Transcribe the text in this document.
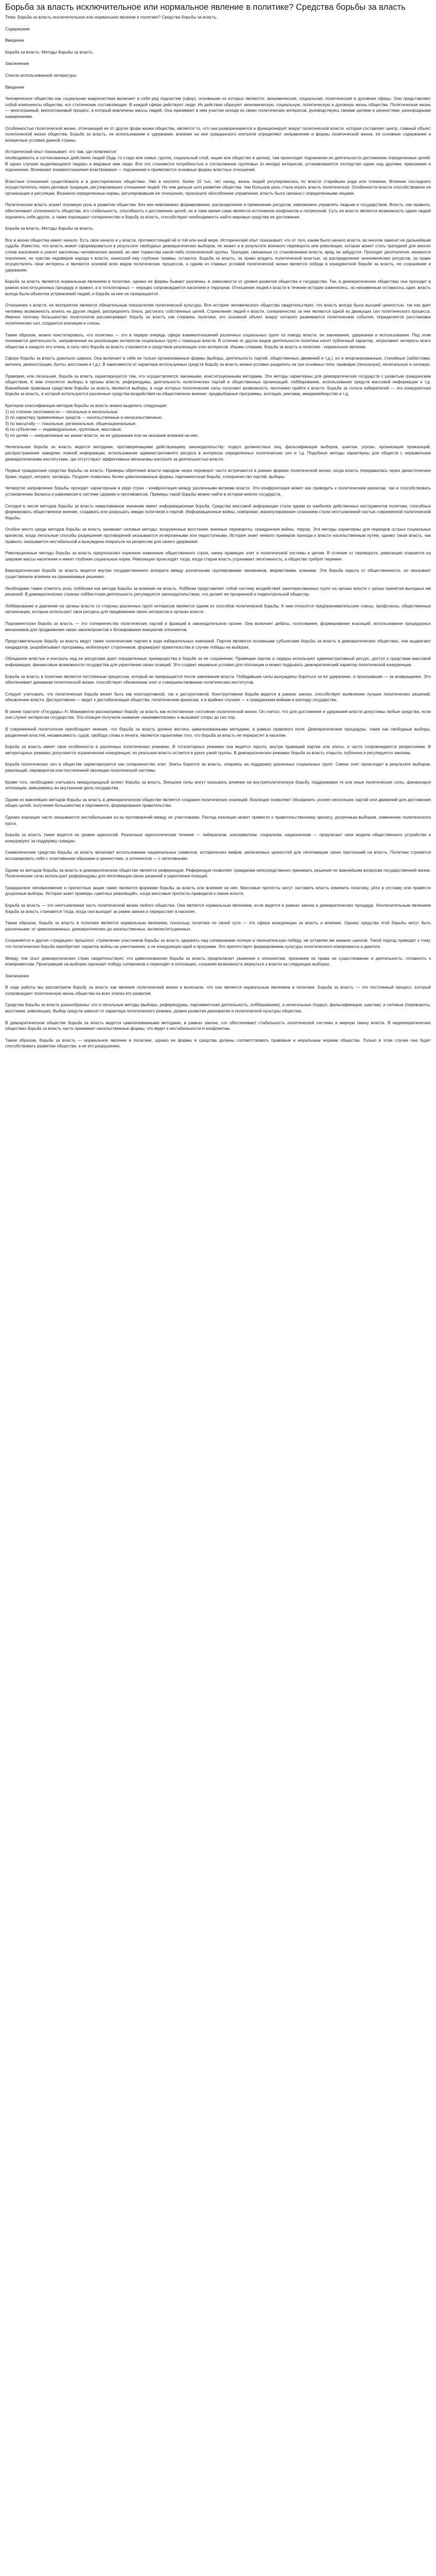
Борьба за власть исключительное или нормальное явление в политике? Средства борьбы за власть

Тема: Борьба за власть исключительное или нормальное явление в политике? Средства борьбы за власть.

Содержание

Введение

Борьба за власть. Методы борьбы за власть.

Заключение

Список использованной литературы

Введение

Человеческое общество как социальная макросистема включает в себя ряд подсистем (сфер), основными из которых являются: экономическая, социальная, политическая и духовная сферы. Они представляют собой компоненты общества, его статические составляющие. В каждой сфере действуют люди. Их действия образуют экономическую, социальную, политическую и духовную жизнь общества. Политическая жизнь — многогранный, многоплановый процесс, в который вовлечены массы людей. Она принимает в нем участие исходя из своих политических интересов, руководствуясь своими целями и ценностями, разнородными намерениями.

Особенностью политической жизни, отличающей ее от других форм жизни общества, является то, что она разворачивается и функционирует вокруг политической власти, которая составляет центр, главный объект политической жизни общества. Борьба за власть, ее использование и удержание, влияние на нее гражданского контроля определяют направление и формы политической жизни, ее основное содержание и конкретные условия данной страны.

Исторический опыт показывает, что там, где появляются

необходимость в согласованных действиях людей (будь то стадо или семья, группа, социальный слой, нация или общество в целом), там происходит подчинение их деятельности достижению определенных целей. В одних случаях выделяющиеся лидеры и ведомые ими люди. Все это становится потребностью в согласовании групповых (и иногда) интересов, устанавливается господство одних над другими, приказание и подчинение. Возникают взаимоотношения властвования — подчинения и проявляются основные формы властных отношений.

Властные отношения существовали и в доисторических обществах. Уже в неолите, более 10 тыс. лет назад, жизнь людей регулировалась по власти старейшин рода или племени. Влияние последнего осуществлялось через деловые традиции, регулировавших отношения людей. Но чем дальше шло развитие общества, тем большую роль стала играть власть политическая. Особенности власти способствовали ее организации и регуляции. Возникли определенные нормы, регулировавшие ее отношения, произошло обособление управления, власть была связана с определенными лицами.

Политическая власть играет огромную роль в развитии общества. Без нее невозможно формирование, распределение и применение ресурсов, невозможно управлять людьми и государством. Власть, как правило, обеспечивает сплоченность общества, его стабильность, способность к достижению целей, но в тоже время сама является источником конфликтов и потрясений. Суть ее власти является возможность одних людей подчинять себе других, а также порождают соперничество и борьбу за власть, способствуют необходимость найти мировые средства ее достижения.

Борьба за власть. Методы борьбы за власть.

Все в жизни общества имеет начало. Есть свое начало и у власти, противостоящей ей в той или иной мере. Исторический опыт показывает, что от того, каким было начало власти, во многом зависит ее дальнейшая судьба. Известно, что власть может сформироваться в результате свободных демократических выборов, но может и в результате военного переворота или революции, которая может стать трагедией для многих слоев населения и унесет миллионы человеческих жизней, во имя торжества какой-либо политической группы. Трагедии, связанные со становлением власти, вряд ли забудутся. Проходят десятилетия, меняются поколения, но чувства недоверия народа к власти, нанесшей ему глубокие травмы, остаются. Борьба за власть, за право владеть политической властью, за распределение экономических ресурсов, за право осуществлять свои интересы и являются основой всех видов политических процессов, а одним из главных условий политической жизни является победа в конкурентной борьбе за власть, ее сохранение и удержание.

Борьба за власть является нормальным явлением в политике, однако ее формы бывают различны, в зависимости от уровня развития общества и государства. Так, в демократических обществах она проходит в рамках конституционных процедур и правил, а в тоталитарных — нередко сопровождается насилием и террором. Отношения людей к власти в течение истории изменялись, но неизменным оставалось одно: власть всегда была объектом устремлений людей, и борьба за нее не прекращается.

Отношение к власти, ее восприятие является обязательным показателем политической культуры. Вся история человеческого общества свидетельствует, что власть всегда была высшей ценностью, так как дает человеку возможность влиять на других людей, распределять блага, достигать собственных целей. Стремление людей к власти, соперничество за нее являются одной из движущих сил политического процесса. Именно поэтому большинство политологов рассматривают борьбу за власть как стержень политики, его основной объект, вокруг которого развиваются политические события, определяется расстановка политических сил, создаются коалиции и союзы.

Таким образом, можно констатировать, что политика — это в первую очередь сфера взаимоотношений различных социальных групп по поводу власти, ее завоевания, удержания и использования. Под этим понимается деятельность, направленная на реализацию интересов социальных групп с помощью власти. В отличие от других видов деятельности политика носит публичный характер, затрагивает интересы всего общества и каждого его члена, в силу чего борьба за власть становится и средством реализации этих интересов. Иными словами, борьба за власть в политике - нормальное явление.

Сфера борьбы за власть довольно широка. Она включает в себя не только организованные формы (выборы, деятельность партий, общественных движений и т.д.), но и неорганизованные, стихийные (забастовки, митинги, демонстрации, бунты, восстания и т.д.). В зависимости от характера используемых средств борьбу за власть можно условно разделить на три основных типа: правовую (легальную), нелегальную и силовую.

Правовая, или легальная, борьба за власть характеризуется тем, что осуществляется законными, конституционными методами. Эти методы характерны для демократических государств с развитым гражданским обществом. К ним относятся: выборы в органы власти, референдумы, деятельность политических партий и общественных организаций, лоббирование, использование средств массовой информации и т.д. Важнейшим правовым средством борьбы за власть являются выборы, в ходе которых политические силы получают возможность легитимно прийти к власти. Борьба за голоса избирателей — это конкурентная борьба за власть, в которой используются различные средства воздействия на общественное мнение: предвыборные программы, агитация, реклама, имиджмейкерство и т.д.

Критерии классификации методов борьбы за власть можно выделить следующие:

1) по степени легитимности — легальные и нелегальные;

2) по характеру применяемых средств — насильственные и ненасильственные;

3) по масштабу — локальные, региональные, общенациональные;

4) по субъектам — индивидуальные, групповые, массовые;

5) по целям — направленные на захват власти, на ее удержание или на оказание влияния на нее.

Нелегальная борьба за власть ведется методами, противоречащими действующему законодательству: подкуп должностных лиц, фальсификация выборов, шантаж, угрозы, организация провокаций, распространение заведомо ложной информации, использование административного ресурса в интересах определенных политических сил и т.д. Подобные методы характерны для обществ с неразвитыми демократическими институтами, где отсутствуют эффективные механизмы контроля за деятельностью власти.

Первые гражданские средства борьбы за власть: Примеры обретения власти народом через переворот часто встречаются в ранних формах политической жизни, когда власть передавалась через династические браки, подкуп, интриги, заговоры. Позднее появились более цивилизованные формы: парламентская борьба, соперничество партий, выборы.

Четвертое направление борьбы проходит характерным в ряде стран - конфронтация между различными ветвями власти. Эта конфронтация может как приводить к политическим кризисам, так и способствовать установлению баланса и равновесия в системе сдержек и противовесов. Примеры такой борьбы можно найти в истории многих государств.

Сегодня в числе методов борьбы за власть немаловажное значение имеет информационная борьба. Средства массовой информации стали одним из наиболее действенных инструментов политики, способных формировать общественное мнение, создавать или разрушать имидж политиков и партий. Информационные войны, компромат, манипулирование сознанием стали неотъемлемой частью современной политической борьбы.

Особое место среди методов борьбы за власть занимают силовые методы: вооруженные восстания, военные перевороты, гражданские войны, террор. Эти методы характерны для периодов острых социальных кризисов, когда легальные способы разрешения противоречий оказываются исчерпанными или недоступными. История знает немало примеров прихода к власти насильственным путем, однако такая власть, как правило, оказывается нестабильной и вынуждена опираться на репрессии для своего удержания.

Революционные методы борьбы за власть предполагают коренное изменение общественного строя, смену правящих элит и политической системы в целом. В отличие от переворота, революция опирается на широкие массы населения и имеет глубокие социальные корни. Революции происходят тогда, когда старая власть утрачивает легитимность, а общество требует перемен.

Бюрократическая борьба за власть ведется внутри государственного аппарата между различными группировками чиновников, ведомствами, кланами. Эта борьба скрыта от общественности, но оказывает существенное влияние на принимаемые решения.

Необходимо также отметить роль лоббизма как метода борьбы за влияние на власть. Лоббизм представляет собой систему воздействия заинтересованных групп на органы власти с целью принятия выгодных им решений. В демократических странах лоббистская деятельность регулируется законодательством, что делает ее прозрачной и подконтрольной обществу.

Лоббирование и давление на органы власти со стороны различных групп интересов являются одним из способов политической борьбы. К ним относятся предпринимательские союзы, профсоюзы, общественные организации, которые используют свои ресурсы для продвижения своих интересов в органах власти.

Парламентская борьба за власть — это соперничество политических партий и фракций в законодательном органе. Она включает дебаты, голосования, формирование коалиций, использование процедурных механизмов для продвижения своих законопроектов и блокирования инициатив оппонентов.

Представительную борьбу за власть ведут также политические партии в ходе избирательных кампаний. Партии являются основными субъектами борьбы за власть в демократических обществах, они выдвигают кандидатов, разрабатывают программы, мобилизуют сторонников, формируют правительства в случае победы на выборах.

Обладание властью и контроль над ее ресурсами дают определенные преимущества в борьбе за ее сохранение. Правящие партии и лидеры используют административный ресурс, доступ к средствам массовой информации, финансовые возможности государства для укрепления своих позиций. Это создает неравные условия для оппозиции и может подрывать демократический характер политической конкуренции.

Борьба за власть в политике является постоянным процессом, который не прекращается после завоевания власти. Победившие силы вынуждены бороться за ее удержание, а проигравшие — за возвращение. Это обеспечивает динамизм политической жизни, способствует обновлению элит и совершенствованию политических институтов.

Следует учитывать, что политическая борьба может быть как конструктивной, так и деструктивной. Конструктивная борьба ведется в рамках закона, способствует выявлению лучших политических решений, обновлению власти. Деструктивная — ведет к дестабилизации общества, политическим кризисам, а в крайних случаях — к гражданским войнам и распаду государства.

В своем трактате «Государь» Н. Макиавелли рассматривал борьбу за власть как естественное состояние политической жизни. Он считал, что для достижения и удержания власти допустимы любые средства, если они служат интересам государства. Эта позиция получила название «макиавеллизма» и вызывает споры до сих пор.

В современной политологии преобладает мнение, что борьба за власть должна вестись цивилизованными методами, в рамках правового поля. Демократические процедуры, такие как свободные выборы, разделение властей, независимость судов, свобода слова и печати, являются гарантиями того, что борьба за власть не перерастет в насилие.

Борьба за власть имеет свои особенности в различных политических режимах. В тоталитарных режимах она ведется скрыто, внутри правящей партии или элиты, и часто сопровождается репрессиями. В авторитарных режимах допускается ограниченная конкуренция, но реальная власть остается в руках узкой группы. В демократических режимах борьба за власть открыта, публична и регулируется законом.

Борьба политических сил в обществе характеризуется как соперничество элит. Элиты борются за власть, опираясь на поддержку различных социальных групп. Смена элит происходит в результате выборов, революций, переворотов или постепенной эволюции политической системы.

Кроме того, необходимо учитывать международный аспект борьбы за власть. Внешние силы могут оказывать влияние на внутриполитическую борьбу, поддерживая те или иные политические силы, финансируя оппозицию, вмешиваясь во внутренние дела государства.

Одним из важнейших методов борьбы за власть в демократическом обществе является создание политических коалиций. Коалиции позволяют объединить усилия нескольких партий или движений для достижения общих целей, получения большинства в парламенте, формирования правительства.

Однако коалиции часто оказываются нестабильными из-за противоречий между их участниками. Распад коалиции может привести к правительственному кризису, досрочным выборам, изменению политического курса.

Борьба за власть также ведется на уровне идеологий. Различные идеологические течения — либерализм, консерватизм, социализм, национализм — предлагают свои модели общественного устройства и конкурируют за поддержку граждан.

Символические средства борьбы за власть включают использование национальных символов, исторических мифов, религиозных ценностей для легитимации своих притязаний на власть. Политики стремятся ассоциировать себя с позитивными образами и ценностями, а оппонентов — с негативными.

Одним из методов борьбы за власть в демократическом обществе является референдум. Референдум позволяет гражданам непосредственно принимать решения по важнейшим вопросам государственной жизни. Политические силы используют референдумы для легитимации своих решений и укрепления позиций.

Гражданское неповиновение и протестные акции также являются формами борьбы за власть или влияния на нее. Массовые протесты могут заставить власть изменить политику, уйти в отставку или провести досрочные выборы. История знает примеры «цветных революций», когда массовые протесты приводили к смене власти.

Борьба за власть — это неотъемлемая часть политической жизни любого общества. Она является нормальным явлением, если ведется в рамках закона и демократических процедур. Исключительным явлением борьба за власть становится тогда, когда она выходит за рамки закона и перерастает в насилие.

Таким образом, борьба за власть в политике является нормальным явлением, поскольку политика по своей сути — это сфера конкуренции за власть и влияние. Однако средства этой борьбы могут быть различными: от цивилизованных, демократических до насильственных, антиконституционных.

Сохраняется и другая «традиция» прошлого: стремление участников борьбы за власть одержать над соперниками полную и окончательную победу, не оставляя им никаких шансов. Такой подход приводит к тому, что политическая борьба приобретает характер войны на уничтожение, а не конкуренции идей и программ. Это препятствует формированию культуры политического компромисса и диалога.

Между тем опыт демократических стран свидетельствует, что цивилизованная борьба за власть предполагает уважение к оппонентам, признание их права на существование и деятельность, готовность к компромиссам. Проигравшие на выборах признают победу соперников и переходят в оппозицию, сохраняя возможность вернуться к власти на следующих выборах.

Заключение

В ходе работы мы рассмотрели борьбу за власть как явление политической жизни и выяснили, что она является нормальным явлением в политике. Борьба за власть — это постоянный процесс, который сопровождает политическую жизнь общества на всех этапах его развития.

Средства борьбы за власть разнообразны: это и легальные методы (выборы, референдумы, парламентская деятельность, лоббирование), и нелегальные (подкуп, фальсификации, шантаж), и силовые (перевороты, восстания, революции). Выбор средств зависит от характера политического режима, уровня развития демократии и политической культуры общества.

В демократическом обществе борьба за власть ведется цивилизованными методами, в рамках закона, что обеспечивает стабильность политической системы и мирную смену власти. В недемократических обществах борьба за власть часто принимает насильственные формы, что ведет к нестабильности и конфликтам.

Таким образом, борьба за власть — нормальное явление в политике, однако ее формы и средства должны соответствовать правовым и моральным нормам общества. Только в этом случае она будет способствовать развитию общества, а не его разрушению.
